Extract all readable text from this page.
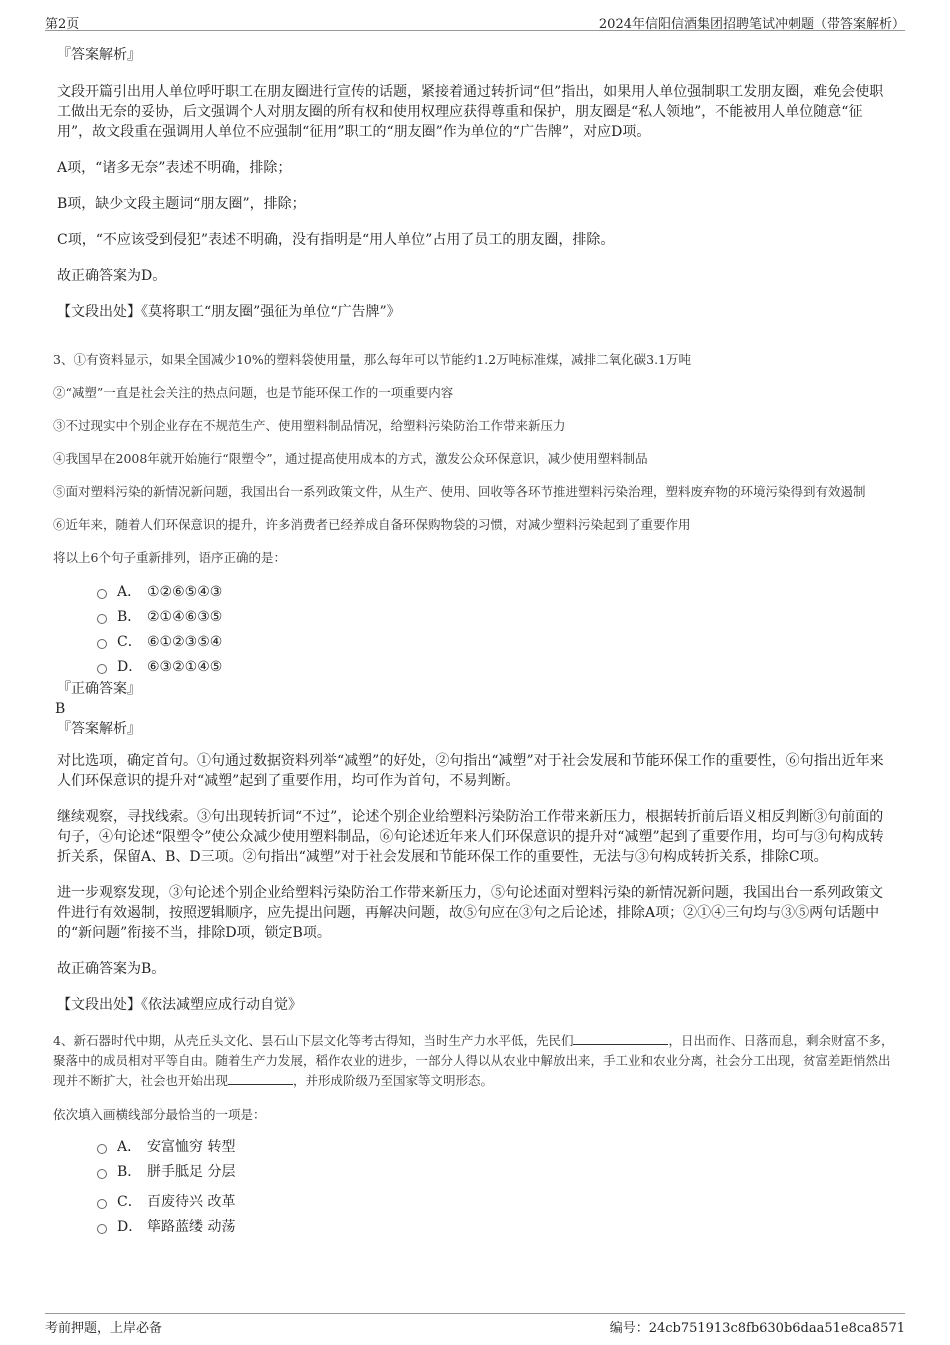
第2页	2024年信阳信酒集团招聘笔试冲刺题（带答案解析）
『答案解析』
文段开篇引出用人单位呼吁职工在朋友圈进行宣传的话题，紧接着通过转折词“但”指出，如果用人单位强制职工发朋友圈，难免会使职工做出无奈的妥协，后文强调个人对朋友圈的所有权和使用权理应获得尊重和保护，朋友圈是“私人领地”，不能被用人单位随意“征用”，故文段重在强调用人单位不应强制“征用”职工的“朋友圈”作为单位的“广告牌”，对应D项。
A项，“诸多无奈”表述不明确，排除；
B项，缺少文段主题词“朋友圈”，排除；
C项，“不应该受到侵犯”表述不明确，没有指明是“用人单位”占用了员工的朋友圈，排除。
故正确答案为D。
【文段出处】《莫将职工“朋友圈”强征为单位“广告牌”》
3、①有资料显示，如果全国减少10%的塑料袋使用量，那么每年可以节能约1.2万吨标准煤，减排二氧化碳3.1万吨
②“减塑”一直是社会关注的热点问题，也是节能环保工作的一项重要内容
③不过现实中个别企业存在不规范生产、使用塑料制品情况，给塑料污染防治工作带来新压力
④我国早在2008年就开始施行“限塑令”，通过提高使用成本的方式，激发公众环保意识，减少使用塑料制品
⑤面对塑料污染的新情况新问题，我国出台一系列政策文件，从生产、使用、回收等各环节推进塑料污染治理，塑料废弃物的环境污染得到有效遏制
⑥近年来，随着人们环保意识的提升，许多消费者已经养成自备环保购物袋的习惯，对减少塑料污染起到了重要作用
将以上6个句子重新排列，语序正确的是：
A． ①②⑥⑤④③
B． ②①④⑥③⑤
C． ⑥①②③⑤④
D． ⑥③②①④⑤
『正确答案』
B
『答案解析』
对比选项，确定首句。①句通过数据资料列举“减塑”的好处，②句指出“减塑”对于社会发展和节能环保工作的重要性，⑥句指出近年来人们环保意识的提升对“减塑”起到了重要作用，均可作为首句，不易判断。
继续观察，寻找线索。③句出现转折词“不过”，论述个别企业给塑料污染防治工作带来新压力，根据转折前后语义相反判断③句前面的句子，④句论述“限塑令”使公众减少使用塑料制品，⑥句论述近年来人们环保意识的提升对“减塑”起到了重要作用，均可与③句构成转折关系，保留A、B、D三项。②句指出“减塑”对于社会发展和节能环保工作的重要性，无法与③句构成转折关系，排除C项。
进一步观察发现，③句论述个别企业给塑料污染防治工作带来新压力，⑤句论述面对塑料污染的新情况新问题，我国出台一系列政策文件进行有效遏制，按照逻辑顺序，应先提出问题，再解决问题，故⑤句应在③句之后论述，排除A项；②①④三句均与③⑤两句话题中的“新问题”衔接不当，排除D项，锁定B项。
故正确答案为B。
【文段出处】《依法减塑应成行动自觉》
4、新石器时代中期，从壳丘头文化、昙石山下层文化等考古得知，当时生产力水平低，先民们	，日出而作、日落而息，剩余财富不多，聚落中的成员相对平等自由。随着生产力发展，稻作农业的进步，一部分人得以从农业中解放出来，手工业和农业分离，社会分工出现，贫富差距悄然出现并不断扩大，社会也开始出现	，并形成阶级乃至国家等文明形态。
依次填入画横线部分最恰当的一项是：
A． 安富恤穷 转型
B． 胼手胝足 分层
C． 百废待兴 改革
D． 筚路蓝缕 动荡
考前押题，上岸必备	编号：24cb751913c8fb630b6daa51e8ca8571
